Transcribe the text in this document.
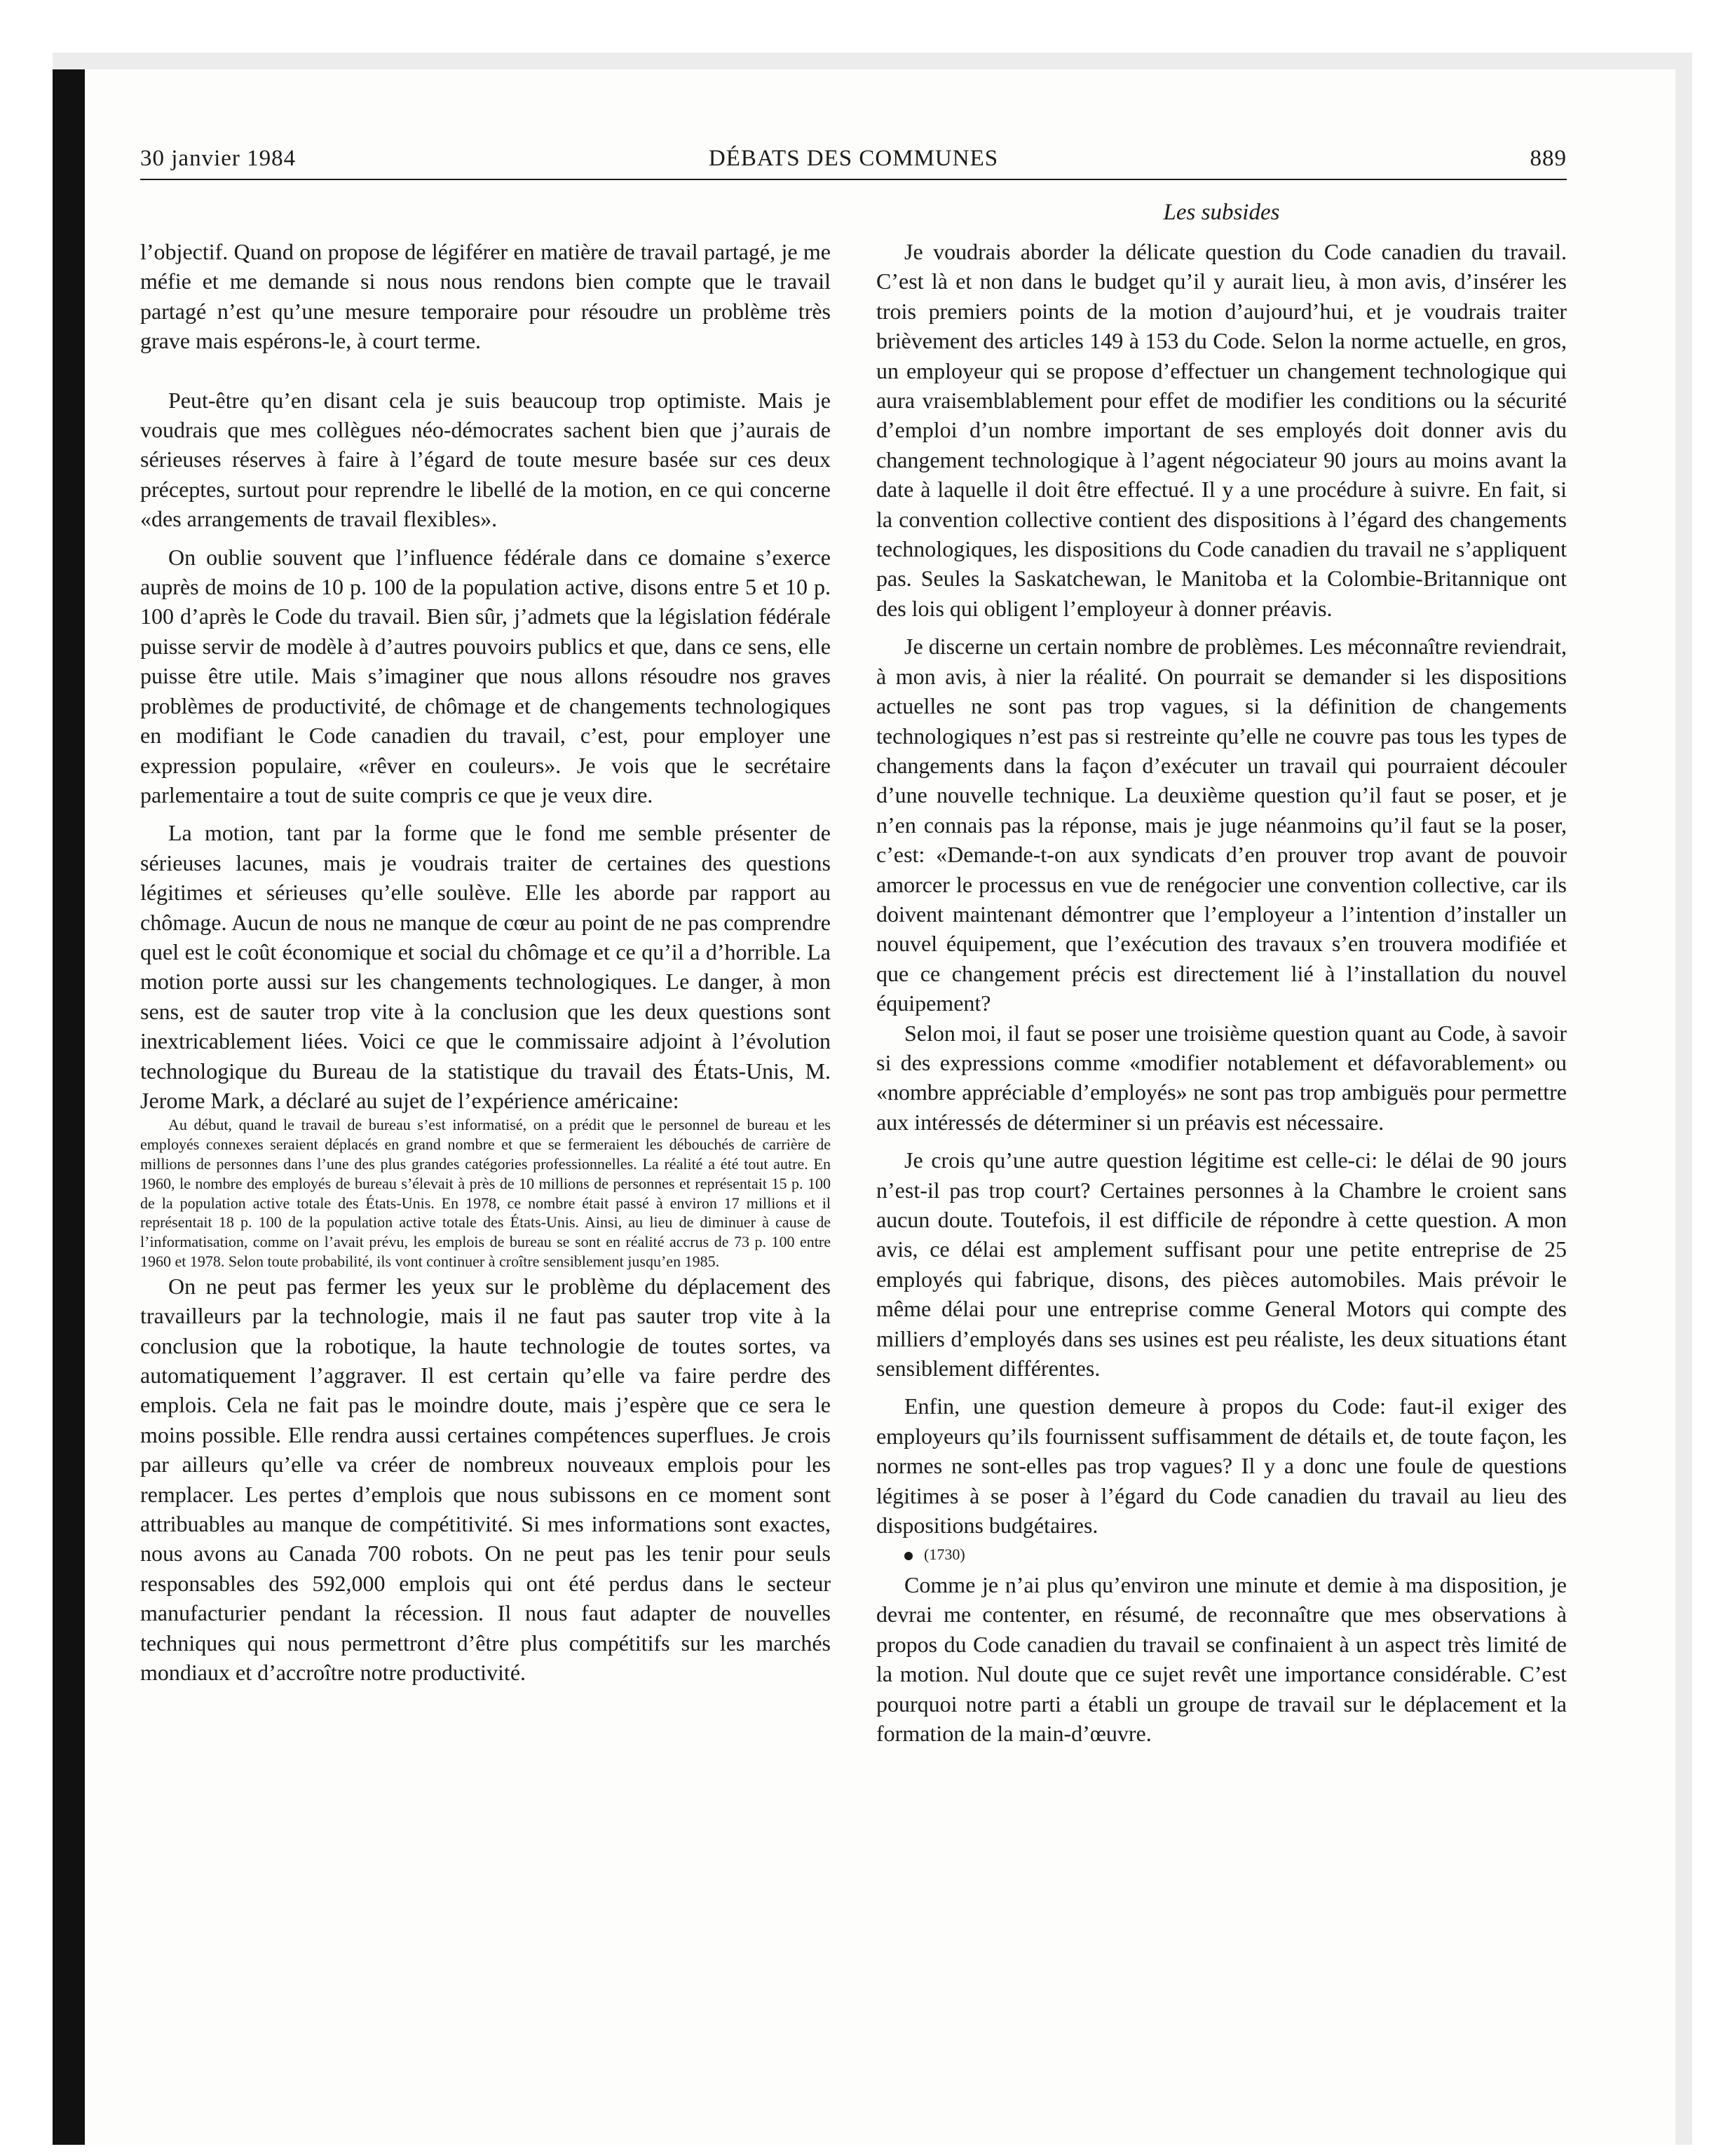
30 janvier 1984	DÉBATS DES COMMUNES	889
Les subsides

l’objectif. Quand on propose de légiférer en matière de travail partagé, je me méfie et me demande si nous nous rendons bien compte que le travail partagé n’est qu’une mesure temporaire pour résoudre un problème très grave mais espérons-le, à court terme.

Peut-être qu’en disant cela je suis beaucoup trop optimiste. Mais je voudrais que mes collègues néo-démocrates sachent bien que j’aurais de sérieuses réserves à faire à l’égard de toute mesure basée sur ces deux préceptes, surtout pour reprendre le libellé de la motion, en ce qui concerne «des arrangements de travail flexibles».

On oublie souvent que l’influence fédérale dans ce domaine s’exerce auprès de moins de 10 p. 100 de la population active, disons entre 5 et 10 p. 100 d’après le Code du travail. Bien sûr, j’admets que la législation fédérale puisse servir de modèle à d’autres pouvoirs publics et que, dans ce sens, elle puisse être utile. Mais s’imaginer que nous allons résoudre nos graves problèmes de productivité, de chômage et de changements technologiques en modifiant le Code canadien du travail, c’est, pour employer une expression populaire, «rêver en couleurs». Je vois que le secrétaire parlementaire a tout de suite compris ce que je veux dire.

La motion, tant par la forme que le fond me semble présenter de sérieuses lacunes, mais je voudrais traiter de certaines des questions légitimes et sérieuses qu’elle soulève. Elle les aborde par rapport au chômage. Aucun de nous ne manque de cœur au point de ne pas comprendre quel est le coût économique et social du chômage et ce qu’il a d’horrible. La motion porte aussi sur les changements technologiques. Le danger, à mon sens, est de sauter trop vite à la conclusion que les deux questions sont inextricablement liées. Voici ce que le commissaire adjoint à l’évolution technologique du Bureau de la statistique du travail des États-Unis, M. Jerome Mark, a déclaré au sujet de l’expérience américaine:

Au début, quand le travail de bureau s’est informatisé, on a prédit que le personnel de bureau et les employés connexes seraient déplacés en grand nombre et que se fermeraient les débouchés de carrière de millions de personnes dans l’une des plus grandes catégories professionnelles. La réalité a été tout autre. En 1960, le nombre des employés de bureau s’élevait à près de 10 millions de personnes et représentait 15 p. 100 de la population active totale des États-Unis. En 1978, ce nombre était passé à environ 17 millions et il représentait 18 p. 100 de la population active totale des États-Unis. Ainsi, au lieu de diminuer à cause de l’informatisation, comme on l’avait prévu, les emplois de bureau se sont en réalité accrus de 73 p. 100 entre 1960 et 1978. Selon toute probabilité, ils vont continuer à croître sensiblement jusqu’en 1985.

On ne peut pas fermer les yeux sur le problème du déplacement des travailleurs par la technologie, mais il ne faut pas sauter trop vite à la conclusion que la robotique, la haute technologie de toutes sortes, va automatiquement l’aggraver. Il est certain qu’elle va faire perdre des emplois. Cela ne fait pas le moindre doute, mais j’espère que ce sera le moins possible. Elle rendra aussi certaines compétences superflues. Je crois par ailleurs qu’elle va créer de nombreux nouveaux emplois pour les remplacer. Les pertes d’emplois que nous subissons en ce moment sont attribuables au manque de compétitivité. Si mes informations sont exactes, nous avons au Canada 700 robots. On ne peut pas les tenir pour seuls responsables des 592,000 emplois qui ont été perdus dans le secteur manufacturier pendant la récession. Il nous faut adapter de nouvelles techniques qui nous permettront d’être plus compétitifs sur les marchés mondiaux et d’accroître notre productivité.

Je voudrais aborder la délicate question du Code canadien du travail. C’est là et non dans le budget qu’il y aurait lieu, à mon avis, d’insérer les trois premiers points de la motion d’aujourd’hui, et je voudrais traiter brièvement des articles 149 à 153 du Code. Selon la norme actuelle, en gros, un employeur qui se propose d’effectuer un changement technologique qui aura vraisemblablement pour effet de modifier les conditions ou la sécurité d’emploi d’un nombre important de ses employés doit donner avis du changement technologique à l’agent négociateur 90 jours au moins avant la date à laquelle il doit être effectué. Il y a une procédure à suivre. En fait, si la convention collective contient des dispositions à l’égard des changements technologiques, les dispositions du Code canadien du travail ne s’appliquent pas. Seules la Saskatchewan, le Manitoba et la Colombie-Britannique ont des lois qui obligent l’employeur à donner préavis.

Je discerne un certain nombre de problèmes. Les méconnaître reviendrait, à mon avis, à nier la réalité. On pourrait se demander si les dispositions actuelles ne sont pas trop vagues, si la définition de changements technologiques n’est pas si restreinte qu’elle ne couvre pas tous les types de changements dans la façon d’exécuter un travail qui pourraient découler d’une nouvelle technique. La deuxième question qu’il faut se poser, et je n’en connais pas la réponse, mais je juge néanmoins qu’il faut se la poser, c’est: «Demande-t-on aux syndicats d’en prouver trop avant de pouvoir amorcer le processus en vue de renégocier une convention collective, car ils doivent maintenant démontrer que l’employeur a l’intention d’installer un nouvel équipement, que l’exécution des travaux s’en trouvera modifiée et que ce changement précis est directement lié à l’installation du nouvel équipement?

Selon moi, il faut se poser une troisième question quant au Code, à savoir si des expressions comme «modifier notablement et défavorablement» ou «nombre appréciable d’employés» ne sont pas trop ambiguës pour permettre aux intéressés de déterminer si un préavis est nécessaire.

Je crois qu’une autre question légitime est celle-ci: le délai de 90 jours n’est-il pas trop court? Certaines personnes à la Chambre le croient sans aucun doute. Toutefois, il est difficile de répondre à cette question. A mon avis, ce délai est amplement suffisant pour une petite entreprise de 25 employés qui fabrique, disons, des pièces automobiles. Mais prévoir le même délai pour une entreprise comme General Motors qui compte des milliers d’employés dans ses usines est peu réaliste, les deux situations étant sensiblement différentes.

Enfin, une question demeure à propos du Code: faut-il exiger des employeurs qu’ils fournissent suffisamment de détails et, de toute façon, les normes ne sont-elles pas trop vagues? Il y a donc une foule de questions légitimes à se poser à l’égard du Code canadien du travail au lieu des dispositions budgétaires.

(1730)

Comme je n’ai plus qu’environ une minute et demie à ma disposition, je devrai me contenter, en résumé, de reconnaître que mes observations à propos du Code canadien du travail se confinaient à un aspect très limité de la motion. Nul doute que ce sujet revêt une importance considérable. C’est pourquoi notre parti a établi un groupe de travail sur le déplacement et la formation de la main-d’œuvre.
